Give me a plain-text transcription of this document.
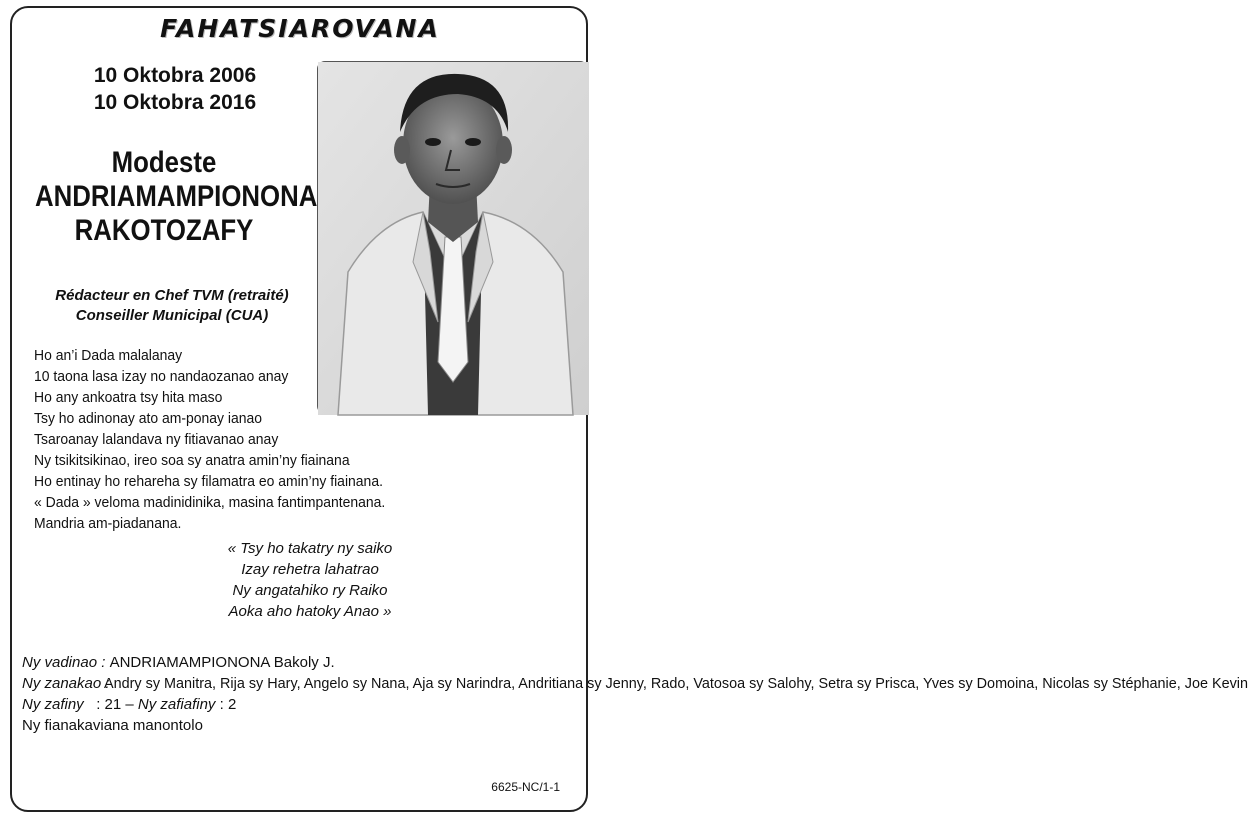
FAHATSIAROVANA
10 Oktobra 2006
10 Oktobra 2016
Modeste
ANDRIAMAMPIONONA
RAKOTOZAFY
Rédacteur en Chef TVM (retraité)
Conseiller Municipal (CUA)
Ho an’i Dada malalanay
10 taona lasa izay no nandaozanao anay
Ho any ankoatra tsy hita maso
Tsy ho adinonay ato am-ponay ianao
Tsaroanay lalandava ny fitiavanao anay
Ny tsikitsikinao, ireo soa sy anatra amin’ny fiainana
Ho entinay ho rehareha sy filamatra eo amin’ny fiainana.
« Dada » veloma madinidinika, masina fantimpantenana.
Mandria am-piadanana.
« Tsy ho takatry ny saiko
Izay rehetra lahatrao
Ny angatahiko ry Raiko
Aoka aho hatoky Anao »
Ny vadinao :
ANDRIAMAMPIONONA Bakoly J.
Ny zanakao :
Andry sy Manitra, Rija sy Hary, Angelo sy Nana, Aja sy Narindra, Andritiana sy Jenny, Rado, Vatosoa sy Salohy, Setra sy Prisca, Yves sy Domoina, Nicolas sy Stéphanie, Joe Kevin
Ny zafiny
: 21 –
Ny zafiafiny
: 2
Ny fianakaviana manontolo
6625-NC/1-1
